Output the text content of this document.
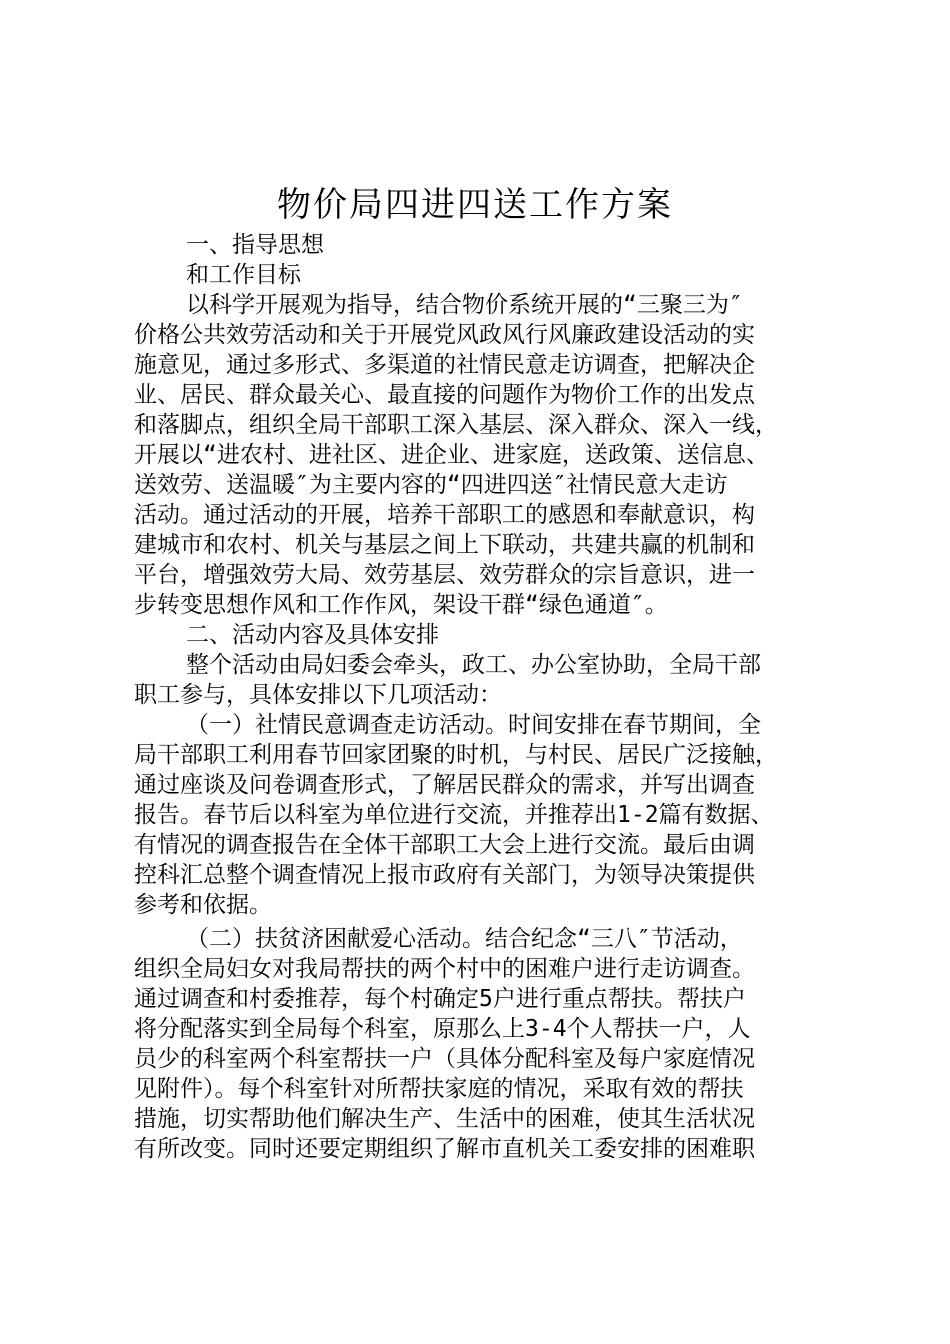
物价局四进四送工作方案
一、指导思想
和工作目标
以科学开展观为指导，结合物价系统开展的“三聚三为″
价格公共效劳活动和关于开展党风政风行风廉政建设活动的实
施意见，通过多形式、多渠道的社情民意走访调查，把解决企
业、居民、群众最关心、最直接的问题作为物价工作的出发点
和落脚点，组织全局干部职工深入基层、深入群众、深入一线，
开展以“进农村、进社区、进企业、进家庭，送政策、送信息、
送效劳、送温暖″为主要内容的“四进四送″社情民意大走访
活动。通过活动的开展，培养干部职工的感恩和奉献意识，构
建城市和农村、机关与基层之间上下联动，共建共赢的机制和
平台，增强效劳大局、效劳基层、效劳群众的宗旨意识，进一
步转变思想作风和工作作风，架设干群“绿色通道″。
二、活动内容及具体安排
整个活动由局妇委会牵头，政工、办公室协助，全局干部
职工参与，具体安排以下几项活动：
（一）社情民意调查走访活动。时间安排在春节期间，全
局干部职工利用春节回家团聚的时机，与村民、居民广泛接触，
通过座谈及问卷调查形式，了解居民群众的需求，并写出调查
报告。春节后以科室为单位进行交流，并推荐出1-2篇有数据、
有情况的调查报告在全体干部职工大会上进行交流。最后由调
控科汇总整个调查情况上报市政府有关部门，为领导决策提供
参考和依据。
（二）扶贫济困献爱心活动。结合纪念“三八″节活动，
组织全局妇女对我局帮扶的两个村中的困难户进行走访调查。
通过调查和村委推荐，每个村确定5户进行重点帮扶。帮扶户
将分配落实到全局每个科室，原那么上3-4个人帮扶一户，人
员少的科室两个科室帮扶一户（具体分配科室及每户家庭情况
见附件）。每个科室针对所帮扶家庭的情况，采取有效的帮扶
措施，切实帮助他们解决生产、生活中的困难，使其生活状况
有所改变。同时还要定期组织了解市直机关工委安排的困难职
